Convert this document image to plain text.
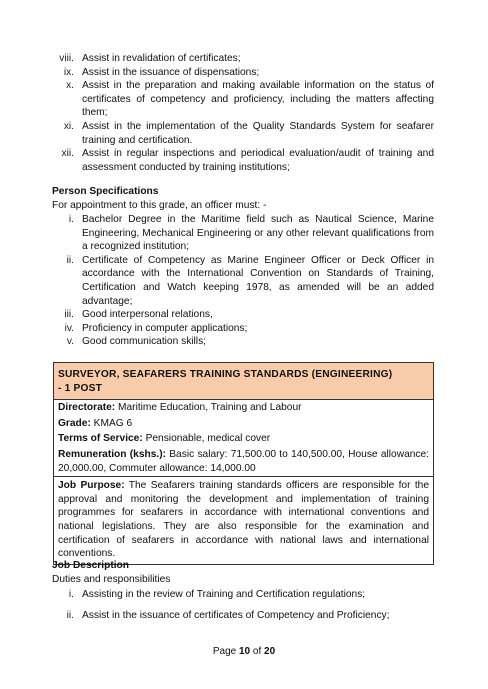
viii. Assist in revalidation of certificates;
ix. Assist in the issuance of dispensations;
x. Assist in the preparation and making available information on the status of certificates of competency and proficiency, including the matters affecting them;
xi. Assist in the implementation of the Quality Standards System for seafarer training and certification.
xii. Assist in regular inspections and periodical evaluation/audit of training and assessment conducted by training institutions;
Person Specifications
For appointment to this grade, an officer must: -
i. Bachelor Degree in the Maritime field such as Nautical Science, Marine Engineering, Mechanical Engineering or any other relevant qualifications from a recognized institution;
ii. Certificate of Competency as Marine Engineer Officer or Deck Officer in accordance with the International Convention on Standards of Training, Certification and Watch keeping 1978, as amended will be an added advantage;
iii. Good interpersonal relations,
iv. Proficiency in computer applications;
v. Good communication skills;
SURVEYOR, SEAFARERS TRAINING STANDARDS (ENGINEERING)
- 1 POST
Directorate: Maritime Education, Training and Labour
Grade: KMAG 6
Terms of Service: Pensionable, medical cover
Remuneration (kshs.): Basic salary: 71,500.00 to 140,500.00, House allowance: 20,000.00, Commuter allowance: 14,000.00
Job Purpose: The Seafarers training standards officers are responsible for the approval and monitoring the development and implementation of training programmes for seafarers in accordance with international conventions and national legislations. They are also responsible for the examination and certification of seafarers in accordance with national laws and international conventions.
Job Description
Duties and responsibilities
i. Assisting in the review of Training and Certification regulations;
ii. Assist in the issuance of certificates of Competency and Proficiency;
Page 10 of 20
